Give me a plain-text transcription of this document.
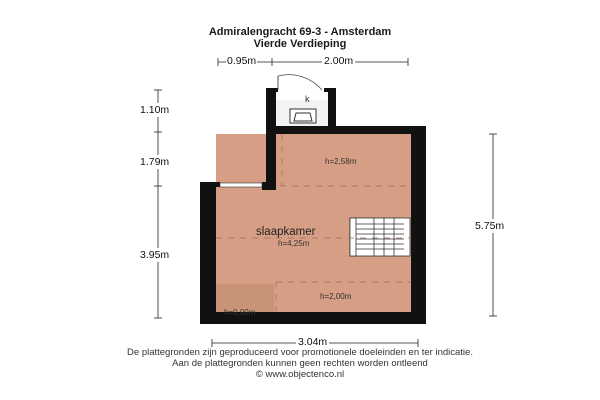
Admiralengracht 69-3 - Amsterdam
Vierde Verdieping
0.95m	2.00m
1.10m
1.79m
3.95m
5.75m
3.04m
slaapkamer
h=4,25m
h=2,58m
h=2,00m
h=0,00m
k
De plattegronden zijn geproduceerd voor promotionele doeleinden en ter indicatie.
Aan de plattegronden kunnen geen rechten worden ontleend
© www.objectenco.nl
